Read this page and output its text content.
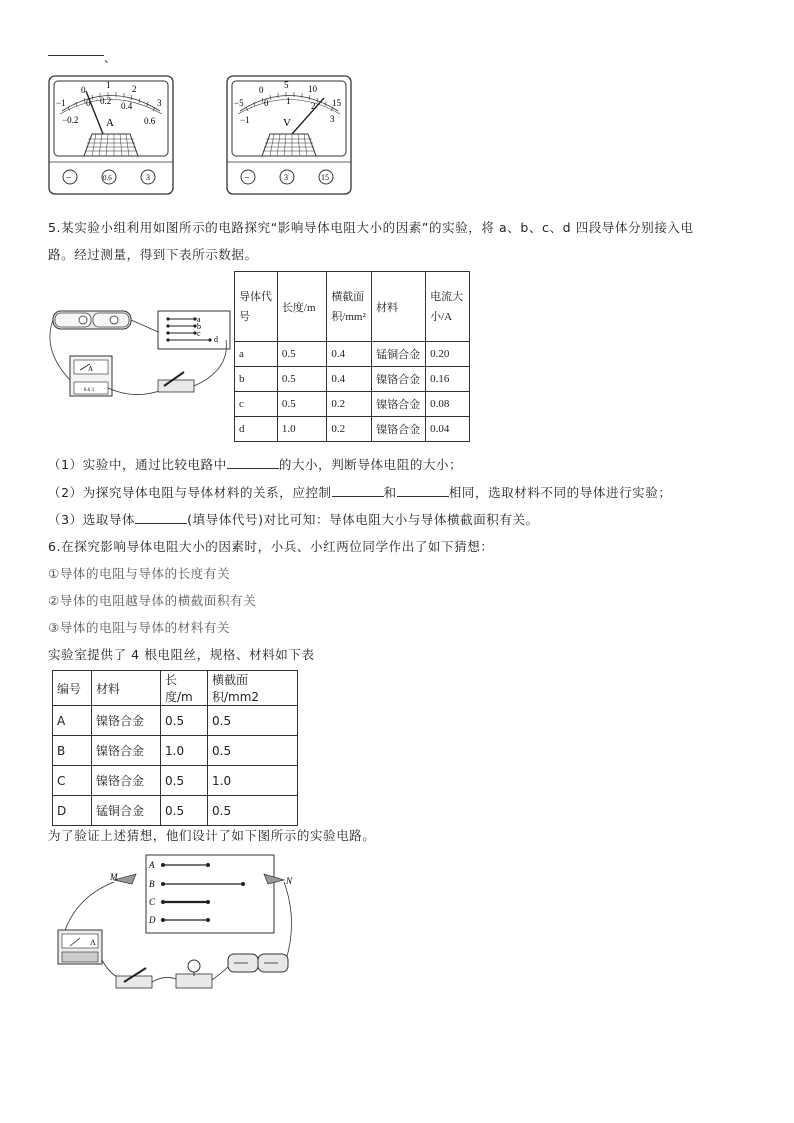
、
−1
0 1 2
3
−0.2
0 0.2 0.4
0.6
A
−	0.6	3
−5
0 5 10
15
−1
0 1 2
3
V
−	3	15
5.某实验小组利用如图所示的电路探究“影响导体电阻大小的因素”的实验，将 a、b、c、d 四段导体分别接入电
路。经过测量，得到下表所示数据。
a
b
c
d
A
· 0.6 3
导体代号	长度/m	横截面积/mm²	材料	电流大小/A
a	0.5	0.4	锰铜合金	0.20
b	0.5	0.4	镍铬合金	0.16
c	0.5	0.2	镍铬合金	0.08
d	1.0	0.2	镍铬合金	0.04
（1）实验中，通过比较电路中	的大小，判断导体电阻的大小；
（2）为探究导体电阻与导体材料的关系，应控制	和	相同，选取材料不同的导体进行实验；
（3）选取导体	(填导体代号)对比可知：导体电阻大小与导体横截面积有关。
6.在探究影响导体电阻大小的因素时，小兵、小红两位同学作出了如下猜想：
①导体的电阻与导体的长度有关
②导体的电阻越导体的横截面积有关
③导体的电阻与导体的材料有关
实验室提供了 4 根电阻丝，规格、材料如下表
编号	材料	长度/m	横截面积/mm2
A	镍铬合金	0.5	0.5
B	镍铬合金	1.0	0.5
C	镍铬合金	0.5	1.0
D	锰铜合金	0.5	0.5
为了验证上述猜想，他们设计了如下图所示的实验电路。
A
B
C
D
M	N
A
